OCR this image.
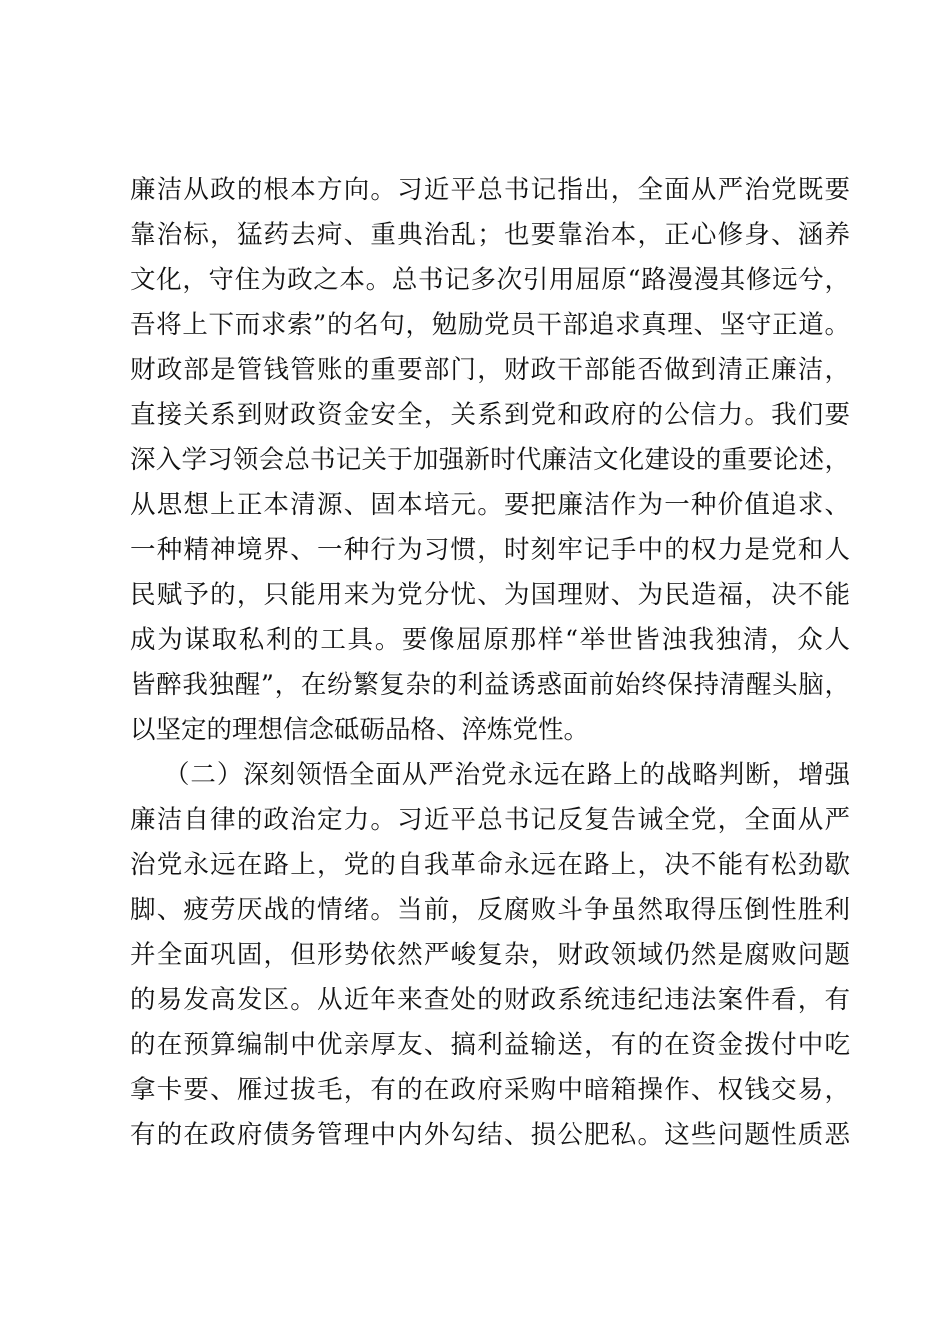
廉洁从政的根本方向。习近平总书记指出，全面从严治党既要
靠治标，猛药去疴、重典治乱；也要靠治本，正心修身、涵养
文化，守住为政之本。总书记多次引用屈原“路漫漫其修远兮，
吾将上下而求索”的名句，勉励党员干部追求真理、坚守正道。
财政部是管钱管账的重要部门，财政干部能否做到清正廉洁，
直接关系到财政资金安全，关系到党和政府的公信力。我们要
深入学习领会总书记关于加强新时代廉洁文化建设的重要论述，
从思想上正本清源、固本培元。要把廉洁作为一种价值追求、
一种精神境界、一种行为习惯，时刻牢记手中的权力是党和人
民赋予的，只能用来为党分忧、为国理财、为民造福，决不能
成为谋取私利的工具。要像屈原那样“举世皆浊我独清，众人
皆醉我独醒”，在纷繁复杂的利益诱惑面前始终保持清醒头脑，
以坚定的理想信念砥砺品格、淬炼党性。
（二）深刻领悟全面从严治党永远在路上的战略判断，增强
廉洁自律的政治定力。习近平总书记反复告诫全党，全面从严
治党永远在路上，党的自我革命永远在路上，决不能有松劲歇
脚、疲劳厌战的情绪。当前，反腐败斗争虽然取得压倒性胜利
并全面巩固，但形势依然严峻复杂，财政领域仍然是腐败问题
的易发高发区。从近年来查处的财政系统违纪违法案件看，有
的在预算编制中优亲厚友、搞利益输送，有的在资金拨付中吃
拿卡要、雁过拔毛，有的在政府采购中暗箱操作、权钱交易，
有的在政府债务管理中内外勾结、损公肥私。这些问题性质恶
